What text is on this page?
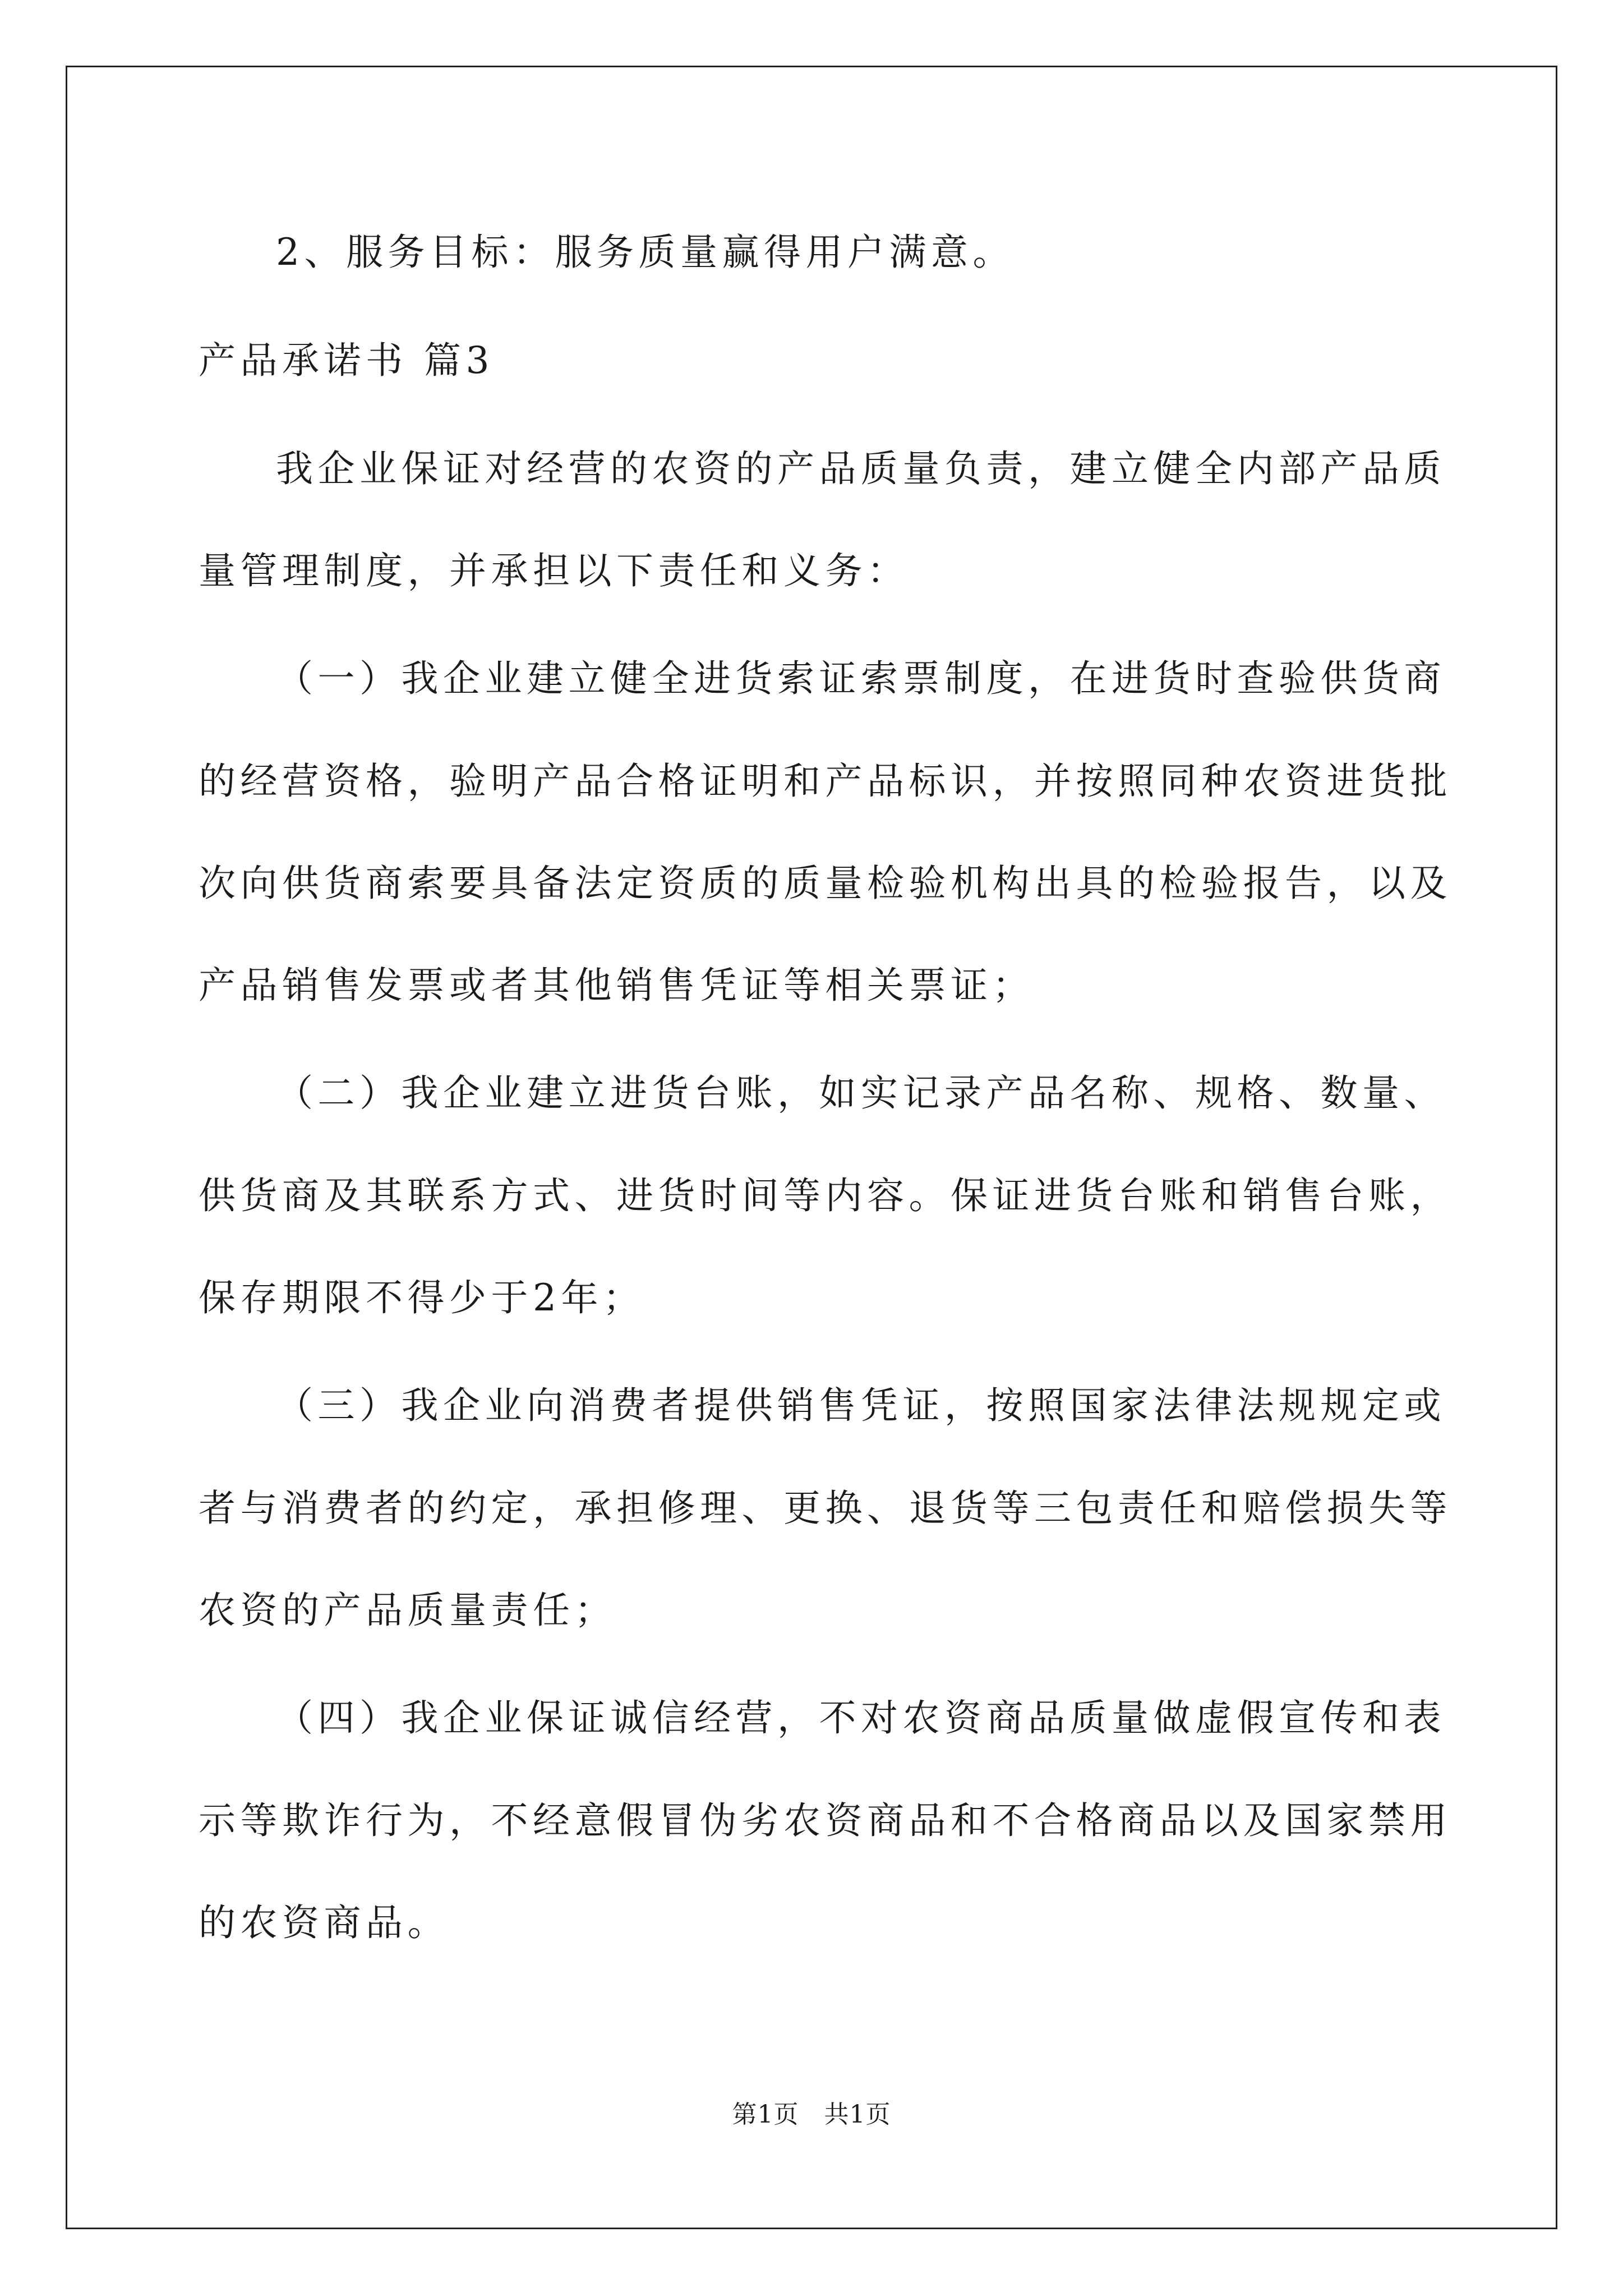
2、服务目标：服务质量赢得用户满意。
产品承诺书 篇3
我企业保证对经营的农资的产品质量负责，建立健全内部产品质
量管理制度，并承担以下责任和义务：
（一）我企业建立健全进货索证索票制度，在进货时查验供货商
的经营资格，验明产品合格证明和产品标识，并按照同种农资进货批
次向供货商索要具备法定资质的质量检验机构出具的检验报告，以及
产品销售发票或者其他销售凭证等相关票证；
（二）我企业建立进货台账，如实记录产品名称、规格、数量、
供货商及其联系方式、进货时间等内容。保证进货台账和销售台账，
保存期限不得少于2年；
（三）我企业向消费者提供销售凭证，按照国家法律法规规定或
者与消费者的约定，承担修理、更换、退货等三包责任和赔偿损失等
农资的产品质量责任；
（四）我企业保证诚信经营，不对农资商品质量做虚假宣传和表
示等欺诈行为，不经意假冒伪劣农资商品和不合格商品以及国家禁用
的农资商品。
第1页　共1页
